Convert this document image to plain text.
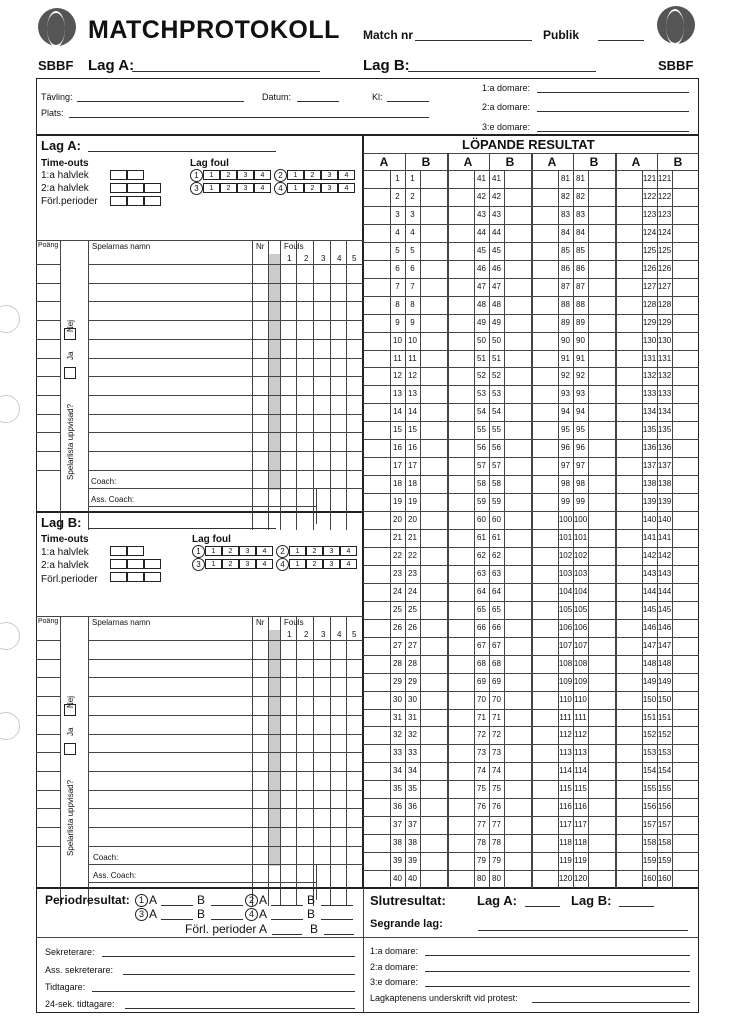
SBBF	SBBF
MATCHPROTOKOLL Match nr	Publik
Lag A:	Lag B:
Tävling:	Datum:	Kl:
Plats:
1:a domare:
2:a domare:
3:e domare:
Lag A:
Time-outs
1:a halvlek
2:a halvlek
Förl.perioder
Lag foul
1	1	2	3	4	2	1	2	3	4
3	1	2	3	4	4	1	2	3	4
Poäng	Spelarnas namn	Nr Fouls
1 2 3 4 5
Nej
Ja
Spelarlista uppvisad?
Coach:
Ass. Coach:
Lag B:
Time-outs
1:a halvlek
2:a halvlek
Förl.perioder
Lag foul
1	1	2	3	4	2	1	2	3	4
3	1	2	3	4	4	1	2	3	4
Poäng	Spelarnas namn	Nr Fouls
1 2 3 4 5
Nej
Ja
Spelarlista uppvisad?
Coach:
Ass. Coach:
LÖPANDE RESULTAT
A	B	A	B	A	B	A	B
1	1	41 41	81 81	121 121
2	2	42 42	82 82	122 122
3	3	43 43	83 83	123 123
4	4	44 44	84 84	124 124
5	5	45 45	85 85	125 125
6	6	46 46	86 86	126 126
7	7	47 47	87 87	127 127
8	8	48 48	88 88	128 128
9	9	49 49	89 89	129 129
10 10	50 50	90 90	130 130
11 11	51 51	91 91	131 131
12 12	52 52	92 92	132 132
13 13	53 53	93 93	133 133
14 14	54 54	94 94	134 134
15 15	55 55	95 95	135 135
16 16	56 56	96 96	136 136
17 17	57 57	97 97	137 137
18 18	58 58	98 98	138 138
19 19	59 59	99 99	139 139
20 20	60 60	100 100	140 140
21 21	61 61	101 101	141 141
22 22	62 62	102 102	142 142
23 23	63 63	103 103	143 143
24 24	64 64	104 104	144 144
25 25	65 65	105 105	145 145
26 26	66 66	106 106	146 146
27 27	67 67	107 107	147 147
28 28	68 68	108 108	148 148
29 29	69 69	109 109	149 149
30 30	70 70	110 110	150 150
31 31	71 71	111 111	151 151
32 32	72 72	112 112	152 152
33 33	73 73	113 113	153 153
34 34	74 74	114 114	154 154
35 35	75 75	115 115	155 155
36 36	76 76	116 116	156 156
37 37	77 77	117 117	157 157
38 38	78 78	118 118	158 158
39 39	79 79	119 119	159 159
40 40	80 80	120 120	160 160
Periodresultat:	1 A	B	2 A	B
3 A	B	4 A	B
Förl. perioder A	B
Slutresultat: Lag A:	Lag B:
Segrande lag:
Sekreterare:
Ass. sekreterare:
Tidtagare:
24-sek. tidtagare:
1:a domare:
2:a domare:
3:e domare:
Lagkaptenens underskrift vid protest:
